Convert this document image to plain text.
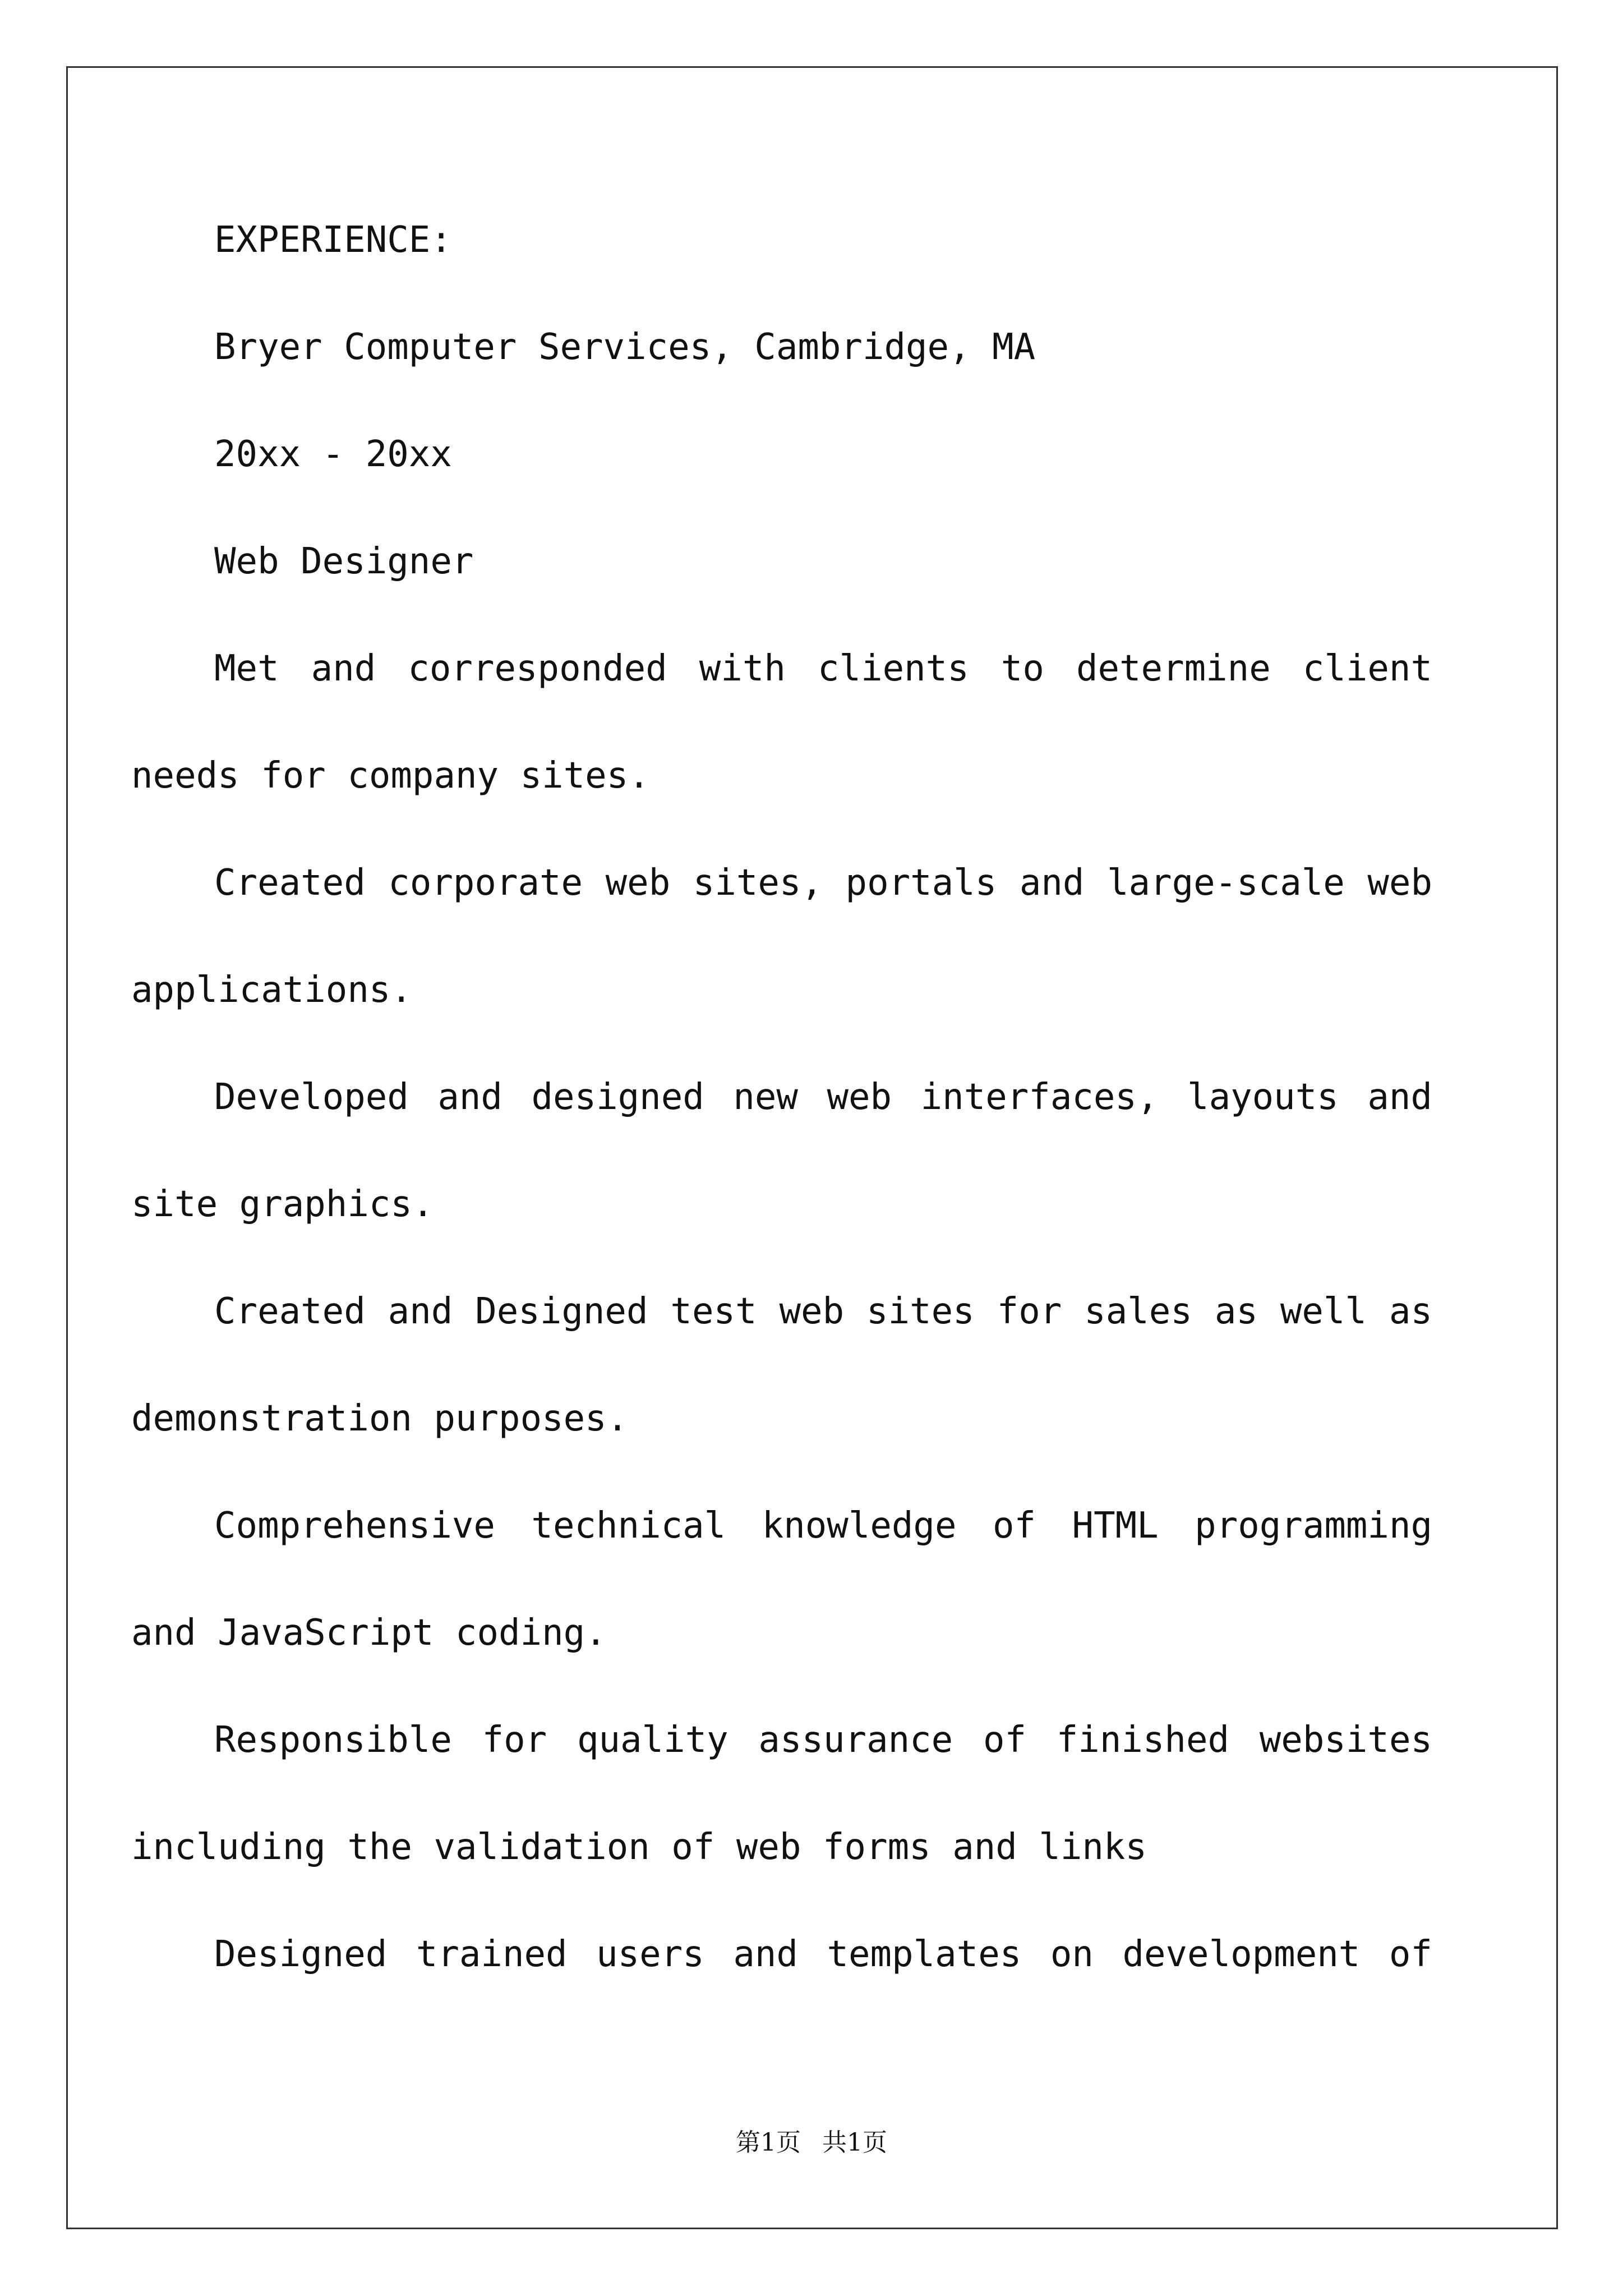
EXPERIENCE:

Bryer Computer Services, Cambridge, MA

20xx - 20xx

Web Designer

Met and corresponded with clients to determine client

needs for company sites.

Created corporate web sites, portals and large-scale web

applications.

Developed and designed new web interfaces, layouts and

site graphics.

Created and Designed test web sites for sales as well as

demonstration purposes.

Comprehensive technical knowledge of HTML programming

and JavaScript coding.

Responsible for quality assurance of finished websites

including the validation of web forms and links

Designed trained users and templates on development of

第1页 共1页
